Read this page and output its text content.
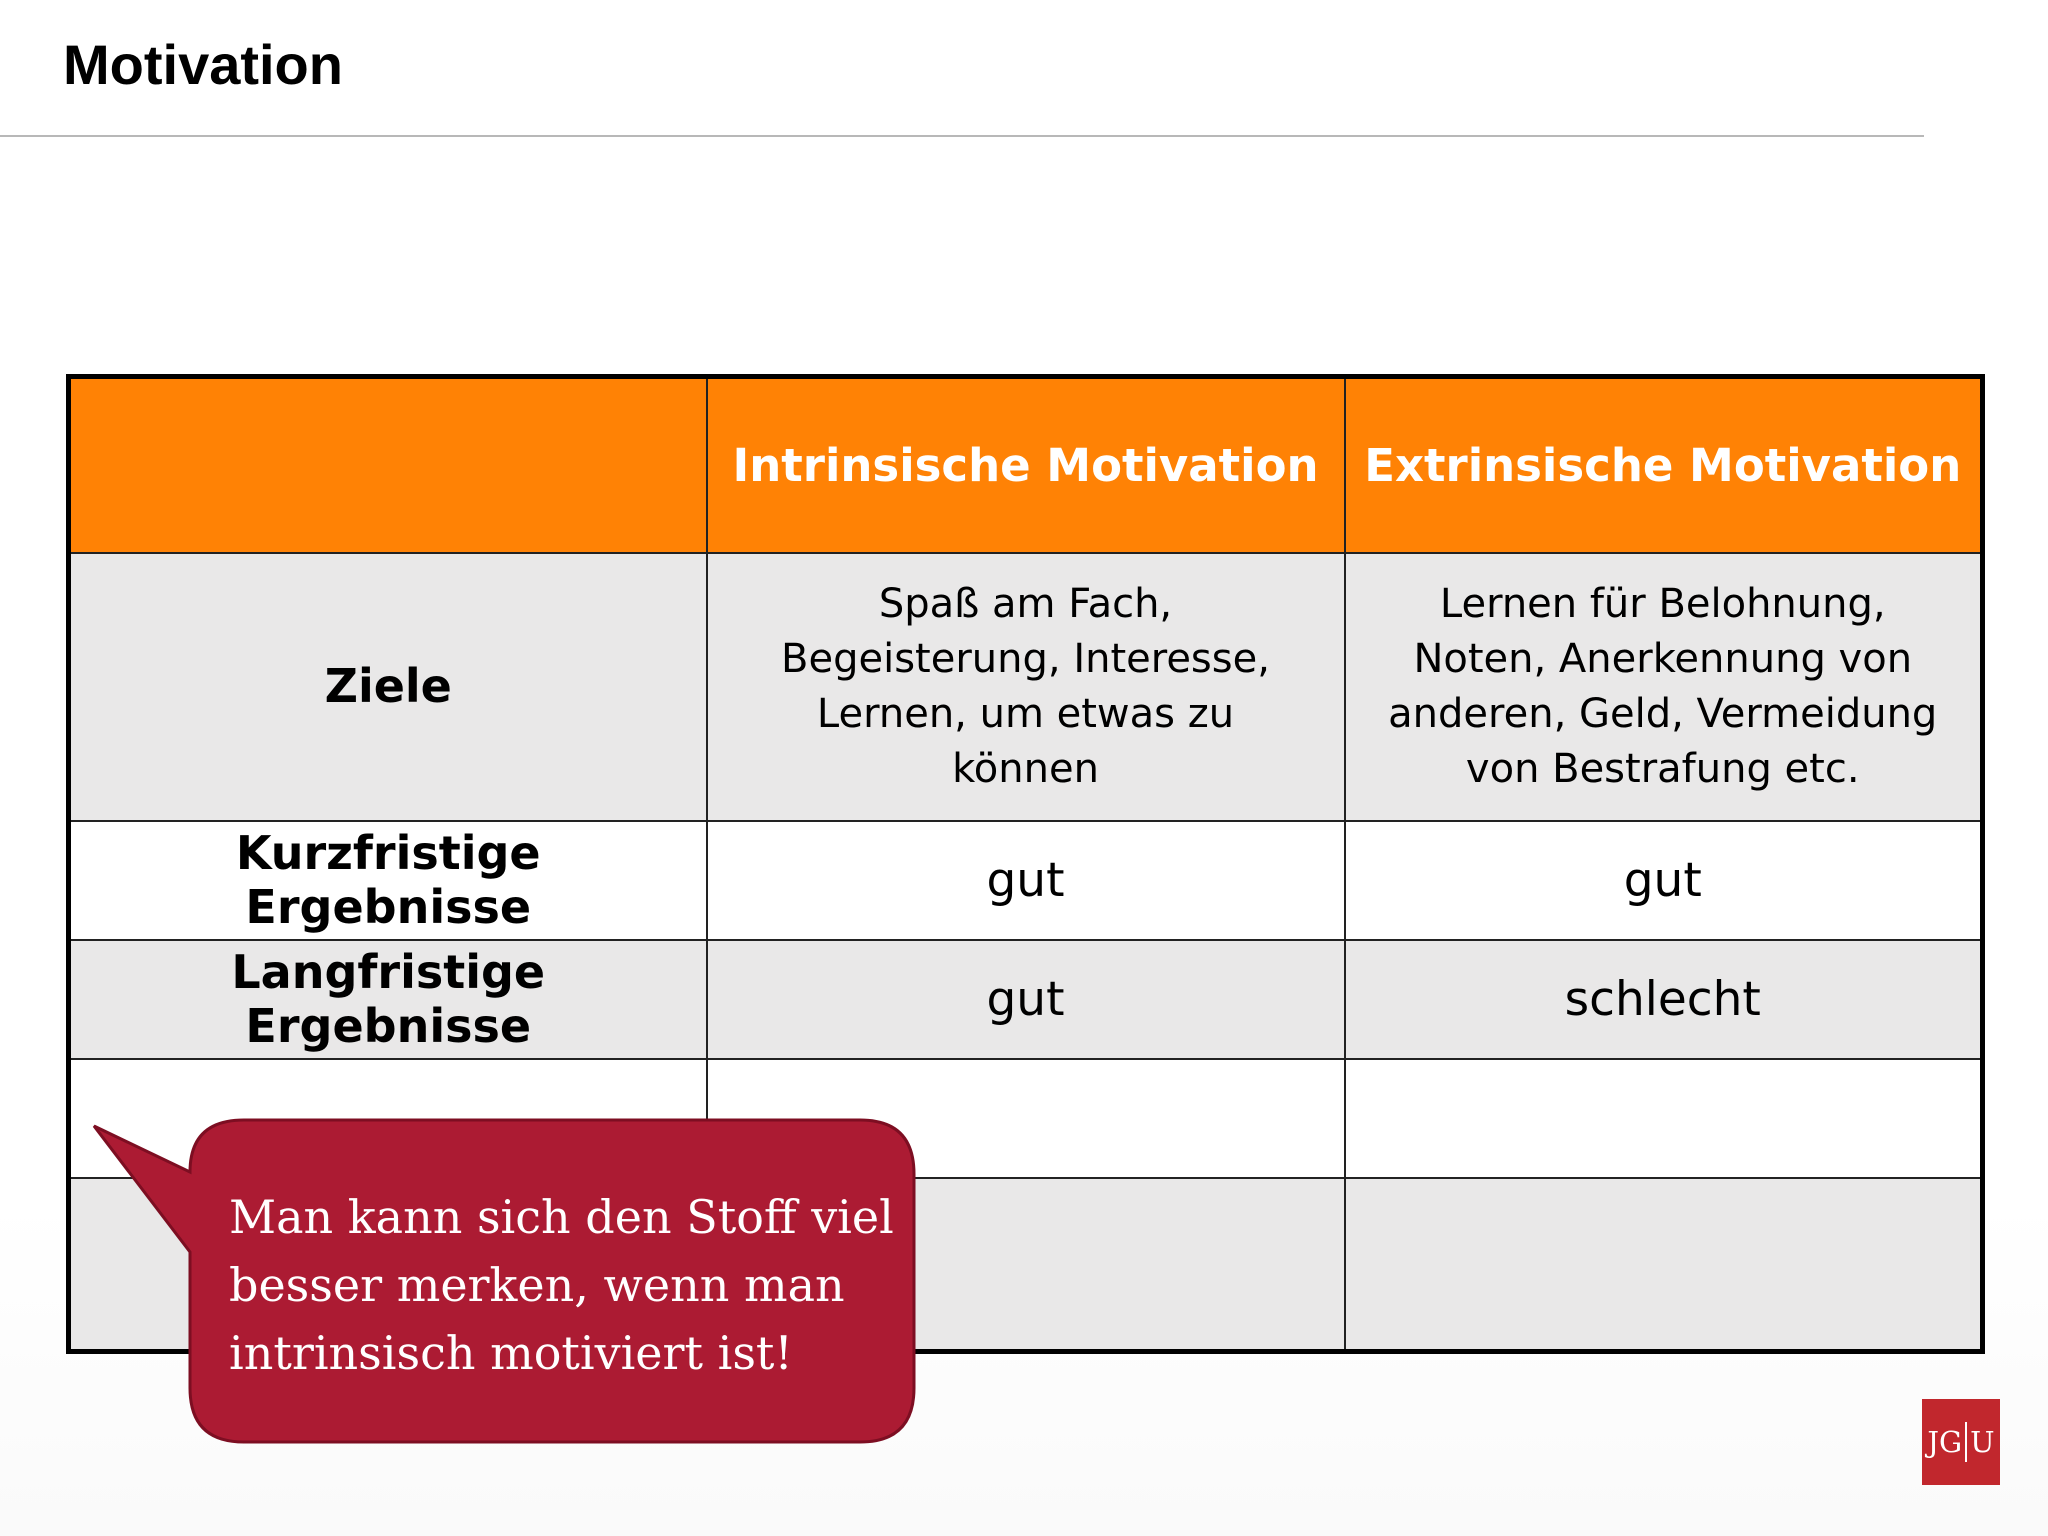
Motivation
	Intrinsische Motivation	Extrinsische Motivation
Ziele	Spaß am Fach, Begeisterung, Interesse, Lernen, um etwas zu können	Lernen für Belohnung, Noten, Anerkennung von anderen, Geld, Vermeidung von Bestrafung etc.
Kurzfristige Ergebnisse	gut	gut
Langfristige Ergebnisse	gut	schlecht

Man kann sich den Stoff viel
besser merken, wenn man
intrinsisch motiviert ist!
JG U
